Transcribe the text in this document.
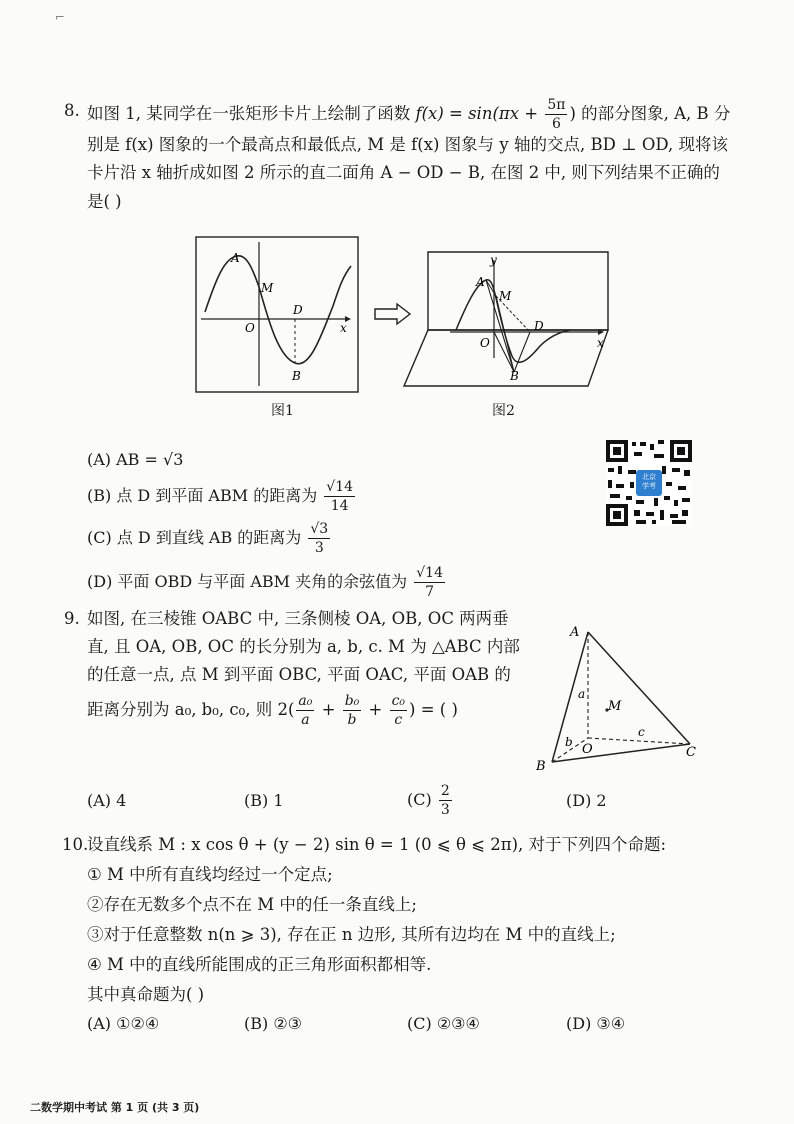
⌐
8. 如图 1, 某同学在一张矩形卡片上绘制了函数 $f(x) = \sin(\pi x + \frac{5\pi}{6}$ ) 的部分图象, A, B 分
别是 f(x) 图象的一个最高点和最低点, M 是 f(x) 图象与 y 轴的交点, BD ⊥ OD, 现将该
卡片沿 x 轴折成如图 2 所示的直二面角 A − OD − B, 在图 2 中, 则下列结果不正确的
是( )
A
M
O
D
B
x
图1
y
A
M
O
D
B
x
图2
(A) AB = √3
(B) 点 D 到平面 ABM 的距离为 $\frac{√14}{14}$
(C) 点 D 到直线 AB 的距离为 $\frac{√3}{3}$
(D) 平面 OBD 与平面 ABM 夹角的余弦值为 $\frac{√14}{7}$
北京 学考
9. 如图, 在三棱锥 OABC 中, 三条侧棱 OA, OB, OC 两两垂
直, 且 OA, OB, OC 的长分别为 a, b, c. M 为 △ABC 内部
的任意一点, 点 M 到平面 OBC, 平面 OAC, 平面 OAB 的
距离分别为 a₀, b₀, c₀, 则 $2( \frac{\text{a₀}}{a} + \frac{\text{b₀}}{b} + \frac{\text{c₀}}{c}$ ) = ( )
A
B
C
O
M
a
b
c
(A) 4	(B) 1	$(C) \frac{2}{3}$	(D) 2
10.
设直线系 M : x cos θ + (y − 2) sin θ = 1 (0 ⩽ θ ⩽ 2π), 对于下列四个命题:
① M 中所有直线均经过一个定点;
②存在无数多个点不在 M 中的任一条直线上;
③对于任意整数 n(n ⩾ 3), 存在正 n 边形, 其所有边均在 M 中的直线上;
④ M 中的直线所能围成的正三角形面积都相等.
其中真命题为( )
(A) ①②④	(B) ②③	(C) ②③④	(D) ③④
二数学期中考试 第 1 页 (共 3 页)
